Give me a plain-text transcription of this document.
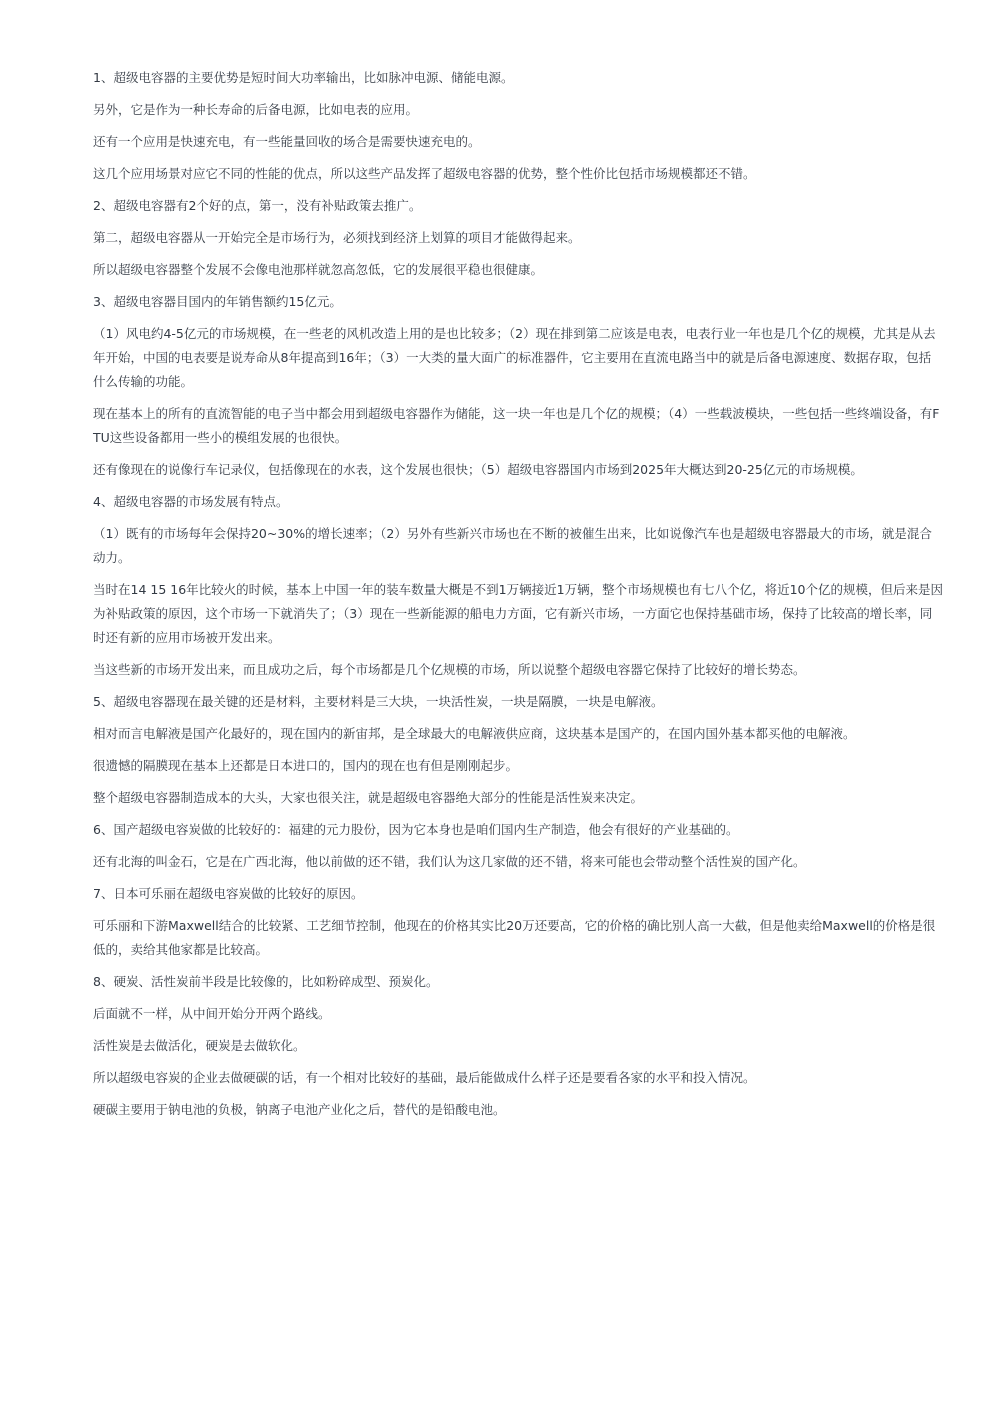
1、超级电容器的主要优势是短时间大功率输出，比如脉冲电源、储能电源。

另外，它是作为一种长寿命的后备电源，比如电表的应用。

还有一个应用是快速充电，有一些能量回收的场合是需要快速充电的。

这几个应用场景对应它不同的性能的优点，所以这些产品发挥了超级电容器的优势，整个性价比包括市场规模都还不错。

2、超级电容器有2个好的点，第一，没有补贴政策去推广。

第二，超级电容器从一开始完全是市场行为，必须找到经济上划算的项目才能做得起来。

所以超级电容器整个发展不会像电池那样就忽高忽低，它的发展很平稳也很健康。

3、超级电容器目国内的年销售额约15亿元。

（1）风电约4-5亿元的市场规模，在一些老的风机改造上用的是也比较多；（2）现在排到第二应该是电表，电表行业一年也是几个亿的规模，尤其是从去年开始，中国的电表要是说寿命从8年提高到16年；（3）一大类的量大面广的标准器件，它主要用在直流电路当中的就是后备电源速度、数据存取，包括什么传输的功能。

现在基本上的所有的直流智能的电子当中都会用到超级电容器作为储能，这一块一年也是几个亿的规模；（4）一些载波模块，一些包括一些终端设备，有FTU这些设备都用一些小的模组发展的也很快。

还有像现在的说像行车记录仪，包括像现在的水表，这个发展也很快；（5）超级电容器国内市场到2025年大概达到20-25亿元的市场规模。

4、超级电容器的市场发展有特点。

（1）既有的市场每年会保持20~30%的增长速率；（2）另外有些新兴市场也在不断的被催生出来，比如说像汽车也是超级电容器最大的市场，就是混合动力。

当时在14 15 16年比较火的时候，基本上中国一年的装车数量大概是不到1万辆接近1万辆，整个市场规模也有七八个亿，将近10个亿的规模，但后来是因为补贴政策的原因，这个市场一下就消失了；（3）现在一些新能源的船电力方面，它有新兴市场，一方面它也保持基础市场，保持了比较高的增长率，同时还有新的应用市场被开发出来。

当这些新的市场开发出来，而且成功之后，每个市场都是几个亿规模的市场，所以说整个超级电容器它保持了比较好的增长势态。

5、超级电容器现在最关键的还是材料，主要材料是三大块，一块活性炭，一块是隔膜，一块是电解液。

相对而言电解液是国产化最好的，现在国内的新宙邦，是全球最大的电解液供应商，这块基本是国产的，在国内国外基本都买他的电解液。

很遗憾的隔膜现在基本上还都是日本进口的，国内的现在也有但是刚刚起步。

整个超级电容器制造成本的大头，大家也很关注，就是超级电容器绝大部分的性能是活性炭来决定。

6、国产超级电容炭做的比较好的：福建的元力股份，因为它本身也是咱们国内生产制造，他会有很好的产业基础的。

还有北海的叫金石，它是在广西北海，他以前做的还不错，我们认为这几家做的还不错，将来可能也会带动整个活性炭的国产化。

7、日本可乐丽在超级电容炭做的比较好的原因。

可乐丽和下游Maxwell结合的比较紧、工艺细节控制，他现在的价格其实比20万还要高，它的价格的确比别人高一大截，但是他卖给Maxwell的价格是很低的，卖给其他家都是比较高。

8、硬炭、活性炭前半段是比较像的，比如粉碎成型、预炭化。

后面就不一样，从中间开始分开两个路线。

活性炭是去做活化，硬炭是去做软化。

所以超级电容炭的企业去做硬碳的话，有一个相对比较好的基础，最后能做成什么样子还是要看各家的水平和投入情况。

硬碳主要用于钠电池的负极，钠离子电池产业化之后，替代的是铅酸电池。
